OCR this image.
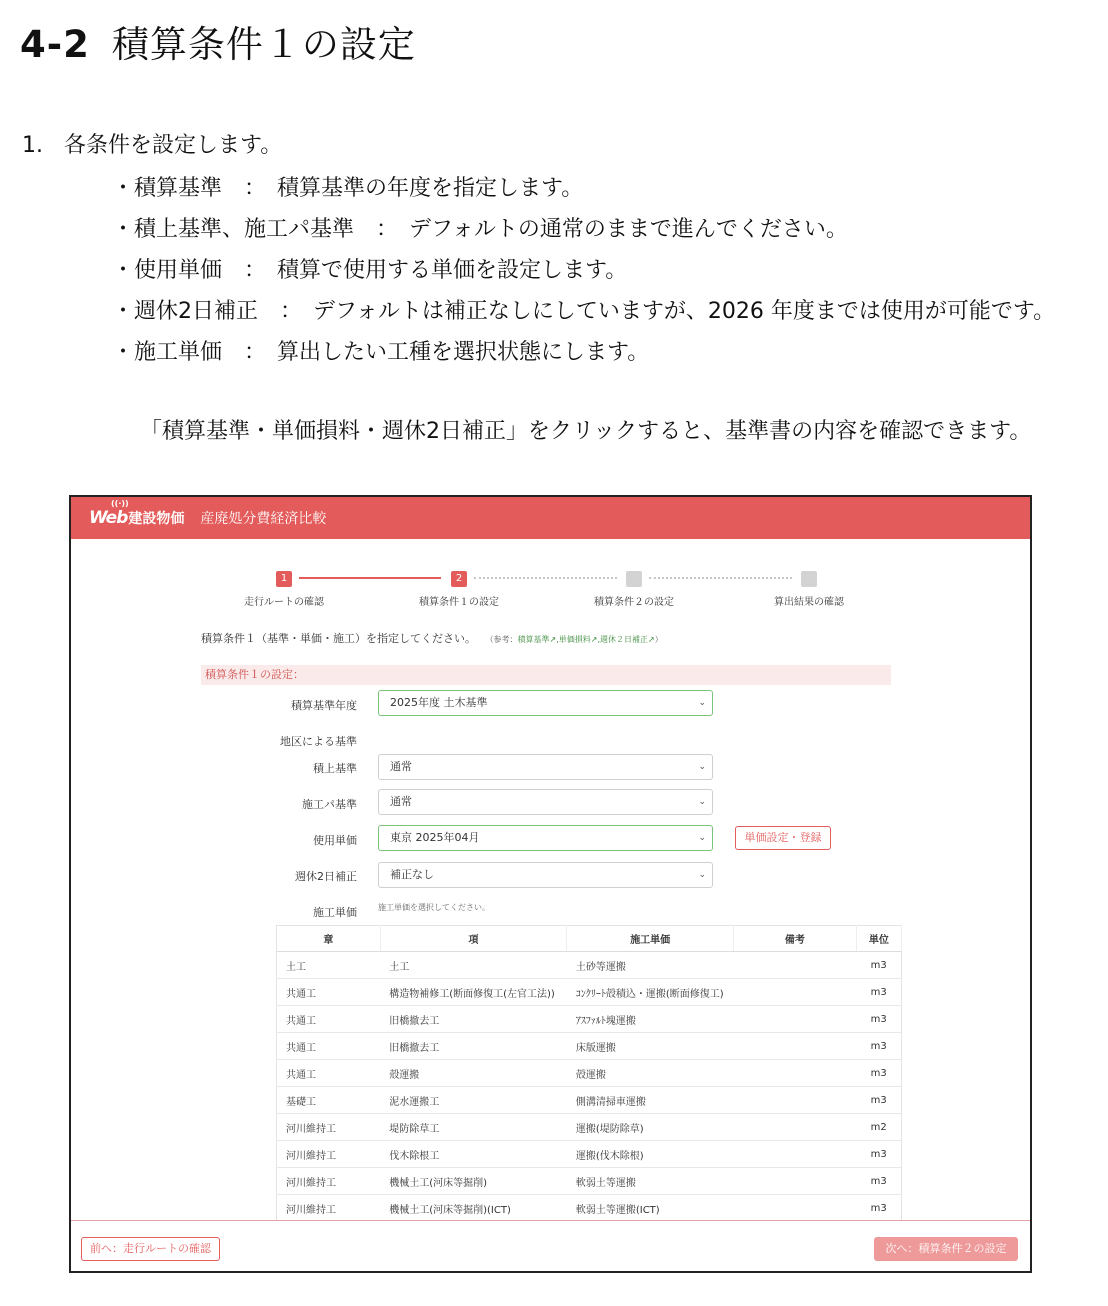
4-2 積算条件１の設定
1. 各条件を設定します。
・積算基準　：　積算基準の年度を指定します。
・積上基準、施工パ基準　：　デフォルトの通常のままで進んでください。
・使用単価　：　積算で使用する単価を設定します。
・週休2日補正　：　デフォルトは補正なしにしていますが、2026 年度までは使用が可能です。
・施工単価　：　算出したい工種を選択状態にします。
「積算基準・単価損料・週休2日補正」をクリックすると、基準書の内容を確認できます。
((·))
Web 建設物価 産廃処分費経済比較
1	2
走行ルートの確認	積算条件１の設定	積算条件２の設定	算出結果の確認
積算条件１（基準・単価・施工）を指定してください。 （参考：積算基準↗,単価損料↗,週休２日補正↗）
積算条件１の設定：
積算基準年度	2025年度 土木基準	⌄
地区による基準
積上基準	通常	⌄
施工パ基準	通常	⌄
使用単価	東京 2025年04月	⌄	単価設定・登録
週休2日補正	補正なし	⌄
施工単価	施工単価を選択してください。
章	項	施工単価	備考	単位
土工	土工	土砂等運搬		m3
共通工	構造物補修工(断面修復工(左官工法))	ｺﾝｸﾘｰﾄ殻積込・運搬(断面修復工)		m3
共通工	旧橋撤去工	ｱｽﾌｧﾙﾄ塊運搬		m3
共通工	旧橋撤去工	床版運搬		m3
共通工	殻運搬	殻運搬		m3
基礎工	泥水運搬工	側溝清掃車運搬		m3
河川維持工	堤防除草工	運搬(堤防除草)		m2
河川維持工	伐木除根工	運搬(伐木除根)		m3
河川維持工	機械土工(河床等掘削)	軟弱土等運搬		m3
河川維持工	機械土工(河床等掘削)(ICT)	軟弱土等運搬(ICT)		m3
前へ：走行ルートの確認	次へ：積算条件２の設定
